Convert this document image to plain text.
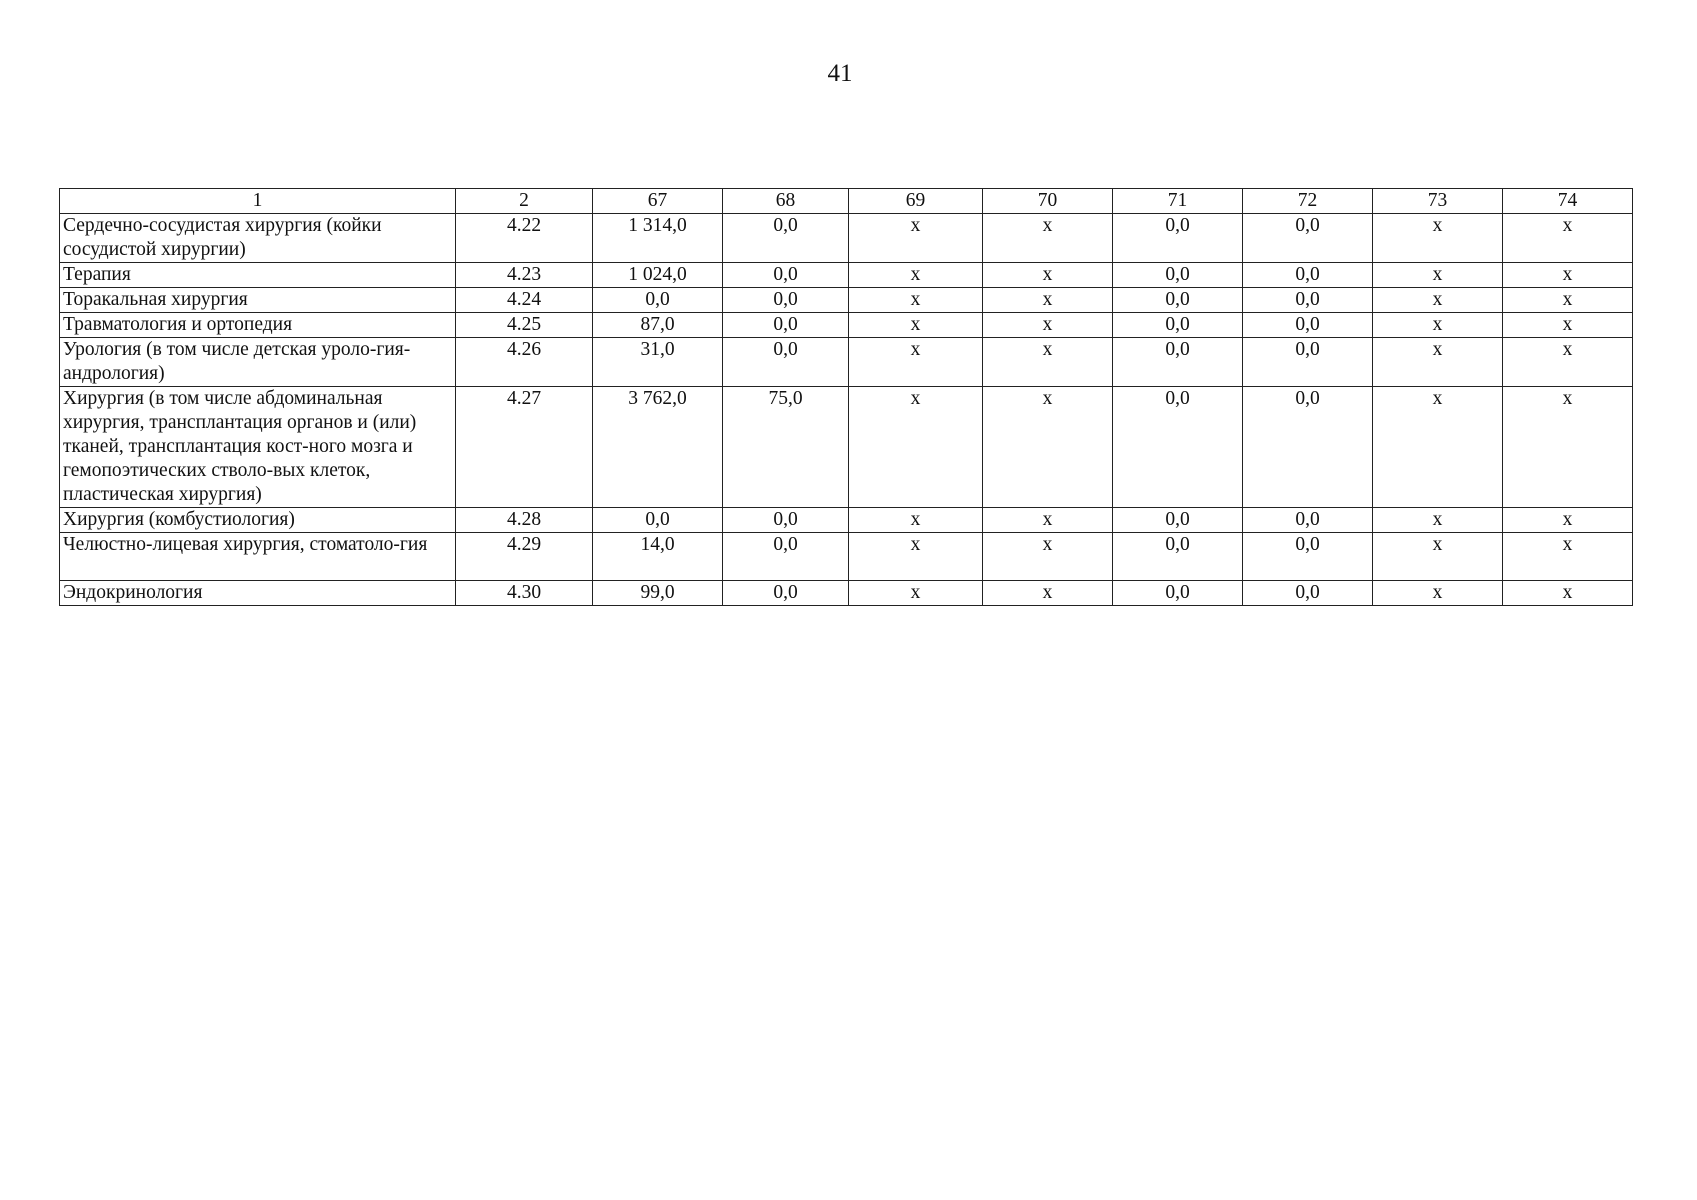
41
1	2	67	68	69	70	71	72	73	74
Сердечно-сосудистая хирургия (койки сосудистой хирургии)	4.22	1 314,0	0,0	х	х	0,0	0,0	х	х
Терапия	4.23	1 024,0	0,0	х	х	0,0	0,0	х	х
Торакальная хирургия	4.24	0,0	0,0	х	х	0,0	0,0	х	х
Травматология и ортопедия	4.25	87,0	0,0	х	х	0,0	0,0	х	х
Урология (в том числе детская уроло-гия-андрология)	4.26	31,0	0,0	х	х	0,0	0,0	х	х
Хирургия (в том числе абдоминальная хирургия, трансплантация органов и (или) тканей, трансплантация кост-ного мозга и гемопоэтических стволо-вых клеток, пластическая хирургия)	4.27	3 762,0	75,0	х	х	0,0	0,0	х	х
Хирургия (комбустиология)	4.28	0,0	0,0	х	х	0,0	0,0	х	х
Челюстно-лицевая хирургия, стоматоло-гия	4.29	14,0	0,0	х	х	0,0	0,0	х	х
Эндокринология	4.30	99,0	0,0	х	х	0,0	0,0	х	х
